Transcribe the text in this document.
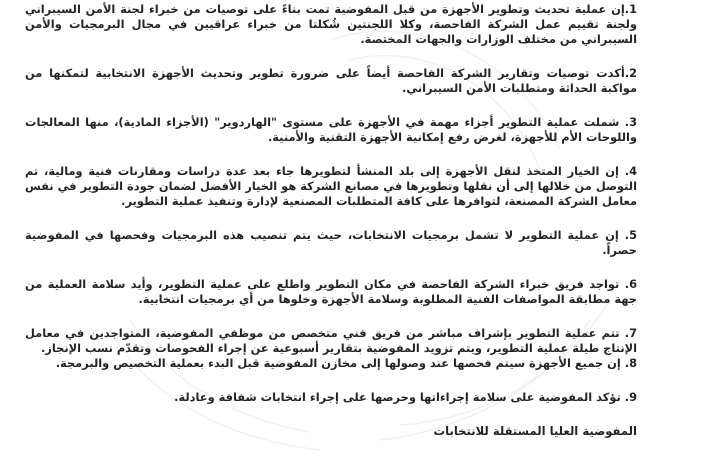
1.إن عملية تحديث وتطوير الأجهزة من قبل المفوضية تمت بناءً على توصيات من خبراء لجنة الأمن السيبراني ولجنة تقييم عمل الشركة الفاحصة، وكلا اللجنتين شُكلتا من خبراء عراقيين في مجال البرمجيات والأمن السيبراني من مختلف الوزارات والجهات المختصة.

2.أكدت توصيات وتقارير الشركة الفاحصة أيضاً على ضرورة تطوير وتحديث الأجهزة الانتخابية لتمكنها من مواكبة الحداثة ومتطلبات الأمن السيبراني.

3. شملت عملية التطوير أجزاء مهمة في الأجهزة على مستوى "الهاردوير" (الأجزاء المادية)، منها المعالجات واللوحات الأم للأجهزة، لغرض رفع إمكانية الأجهزة التقنية والأمنية.

4. إن الخيار المتخذ لنقل الأجهزة إلى بلد المنشأ لتطويرها جاء بعد عدة دراسات ومقارنات فنية ومالية، تم التوصل من خلالها إلى أن نقلها وتطويرها في مصانع الشركة هو الخيار الأفضل لضمان جودة التطوير في نفس معامل الشركة المصنعة، لتوافرها على كافة المتطلبات المصنعية لإدارة وتنفيذ عملية التطوير.

5. إن عملية التطوير لا تشمل برمجيات الانتخابات، حيث يتم تنصيب هذه البرمجيات وفحصها في المفوضية حصراً.

6. تواجد فريق خبراء الشركة الفاحصة في مكان التطوير واطلع على عملية التطوير، وأيد سلامة العملية من جهة مطابقة المواصفات الفنية المطلوبة وسلامة الأجهزة وخلوها من أي برمجيات انتخابية.

7. تتم عملية التطوير بإشراف مباشر من فريق فني متخصص من موظفي المفوضية، المتواجدين في معامل الإنتاج طيلة عملية التطوير، ويتم تزويد المفوضية بتقارير أسبوعية عن إجراء الفحوصات وتقدّم نسب الإنجاز.

8. إن جميع الأجهزة سيتم فحصها عند وصولها إلى مخازن المفوضية قبل البدء بعملية التخصيص والبرمجة.

9. تؤكد المفوضية على سلامة إجراءاتها وحرصها على إجراء انتخابات شفافة وعادلة.

المفوضية العليا المستقلة للانتخابات
